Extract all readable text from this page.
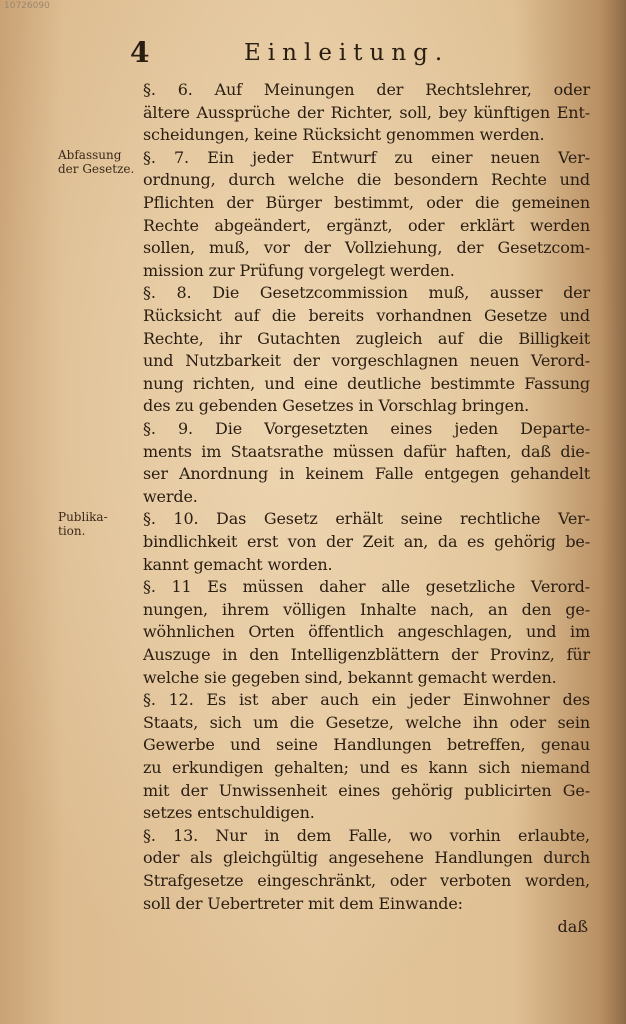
10726090
4	Einleitung.
Abfassung
der Gesetze.
Publika-
tion.
§. 6. Auf Meinungen der Rechtslehrer, oder
ältere Aussprüche der Richter, soll, bey künftigen Ent-
scheidungen, keine Rücksicht genommen werden.
§. 7. Ein jeder Entwurf zu einer neuen Ver-
ordnung, durch welche die besondern Rechte und
Pflichten der Bürger bestimmt, oder die gemeinen
Rechte abgeändert, ergänzt, oder erklärt werden
sollen, muß, vor der Vollziehung, der Gesetzcom-
mission zur Prüfung vorgelegt werden.
§. 8. Die Gesetzcommission muß, ausser der
Rücksicht auf die bereits vorhandnen Gesetze und
Rechte, ihr Gutachten zugleich auf die Billigkeit
und Nutzbarkeit der vorgeschlagnen neuen Verord-
nung richten, und eine deutliche bestimmte Fassung
des zu gebenden Gesetzes in Vorschlag bringen.
§. 9. Die Vorgesetzten eines jeden Departe-
ments im Staatsrathe müssen dafür haften, daß die-
ser Anordnung in keinem Falle entgegen gehandelt
werde.
§. 10. Das Gesetz erhält seine rechtliche Ver-
bindlichkeit erst von der Zeit an, da es gehörig be-
kannt gemacht worden.
§. 11 Es müssen daher alle gesetzliche Verord-
nungen, ihrem völligen Inhalte nach, an den ge-
wöhnlichen Orten öffentlich angeschlagen, und im
Auszuge in den Intelligenzblättern der Provinz, für
welche sie gegeben sind, bekannt gemacht werden.
§. 12. Es ist aber auch ein jeder Einwohner des
Staats, sich um die Gesetze, welche ihn oder sein
Gewerbe und seine Handlungen betreffen, genau
zu erkundigen gehalten; und es kann sich niemand
mit der Unwissenheit eines gehörig publicirten Ge-
setzes entschuldigen.
§. 13. Nur in dem Falle, wo vorhin erlaubte,
oder als gleichgültig angesehene Handlungen durch
Strafgesetze eingeschränkt, oder verboten worden,
soll der Uebertreter mit dem Einwande:
daß
